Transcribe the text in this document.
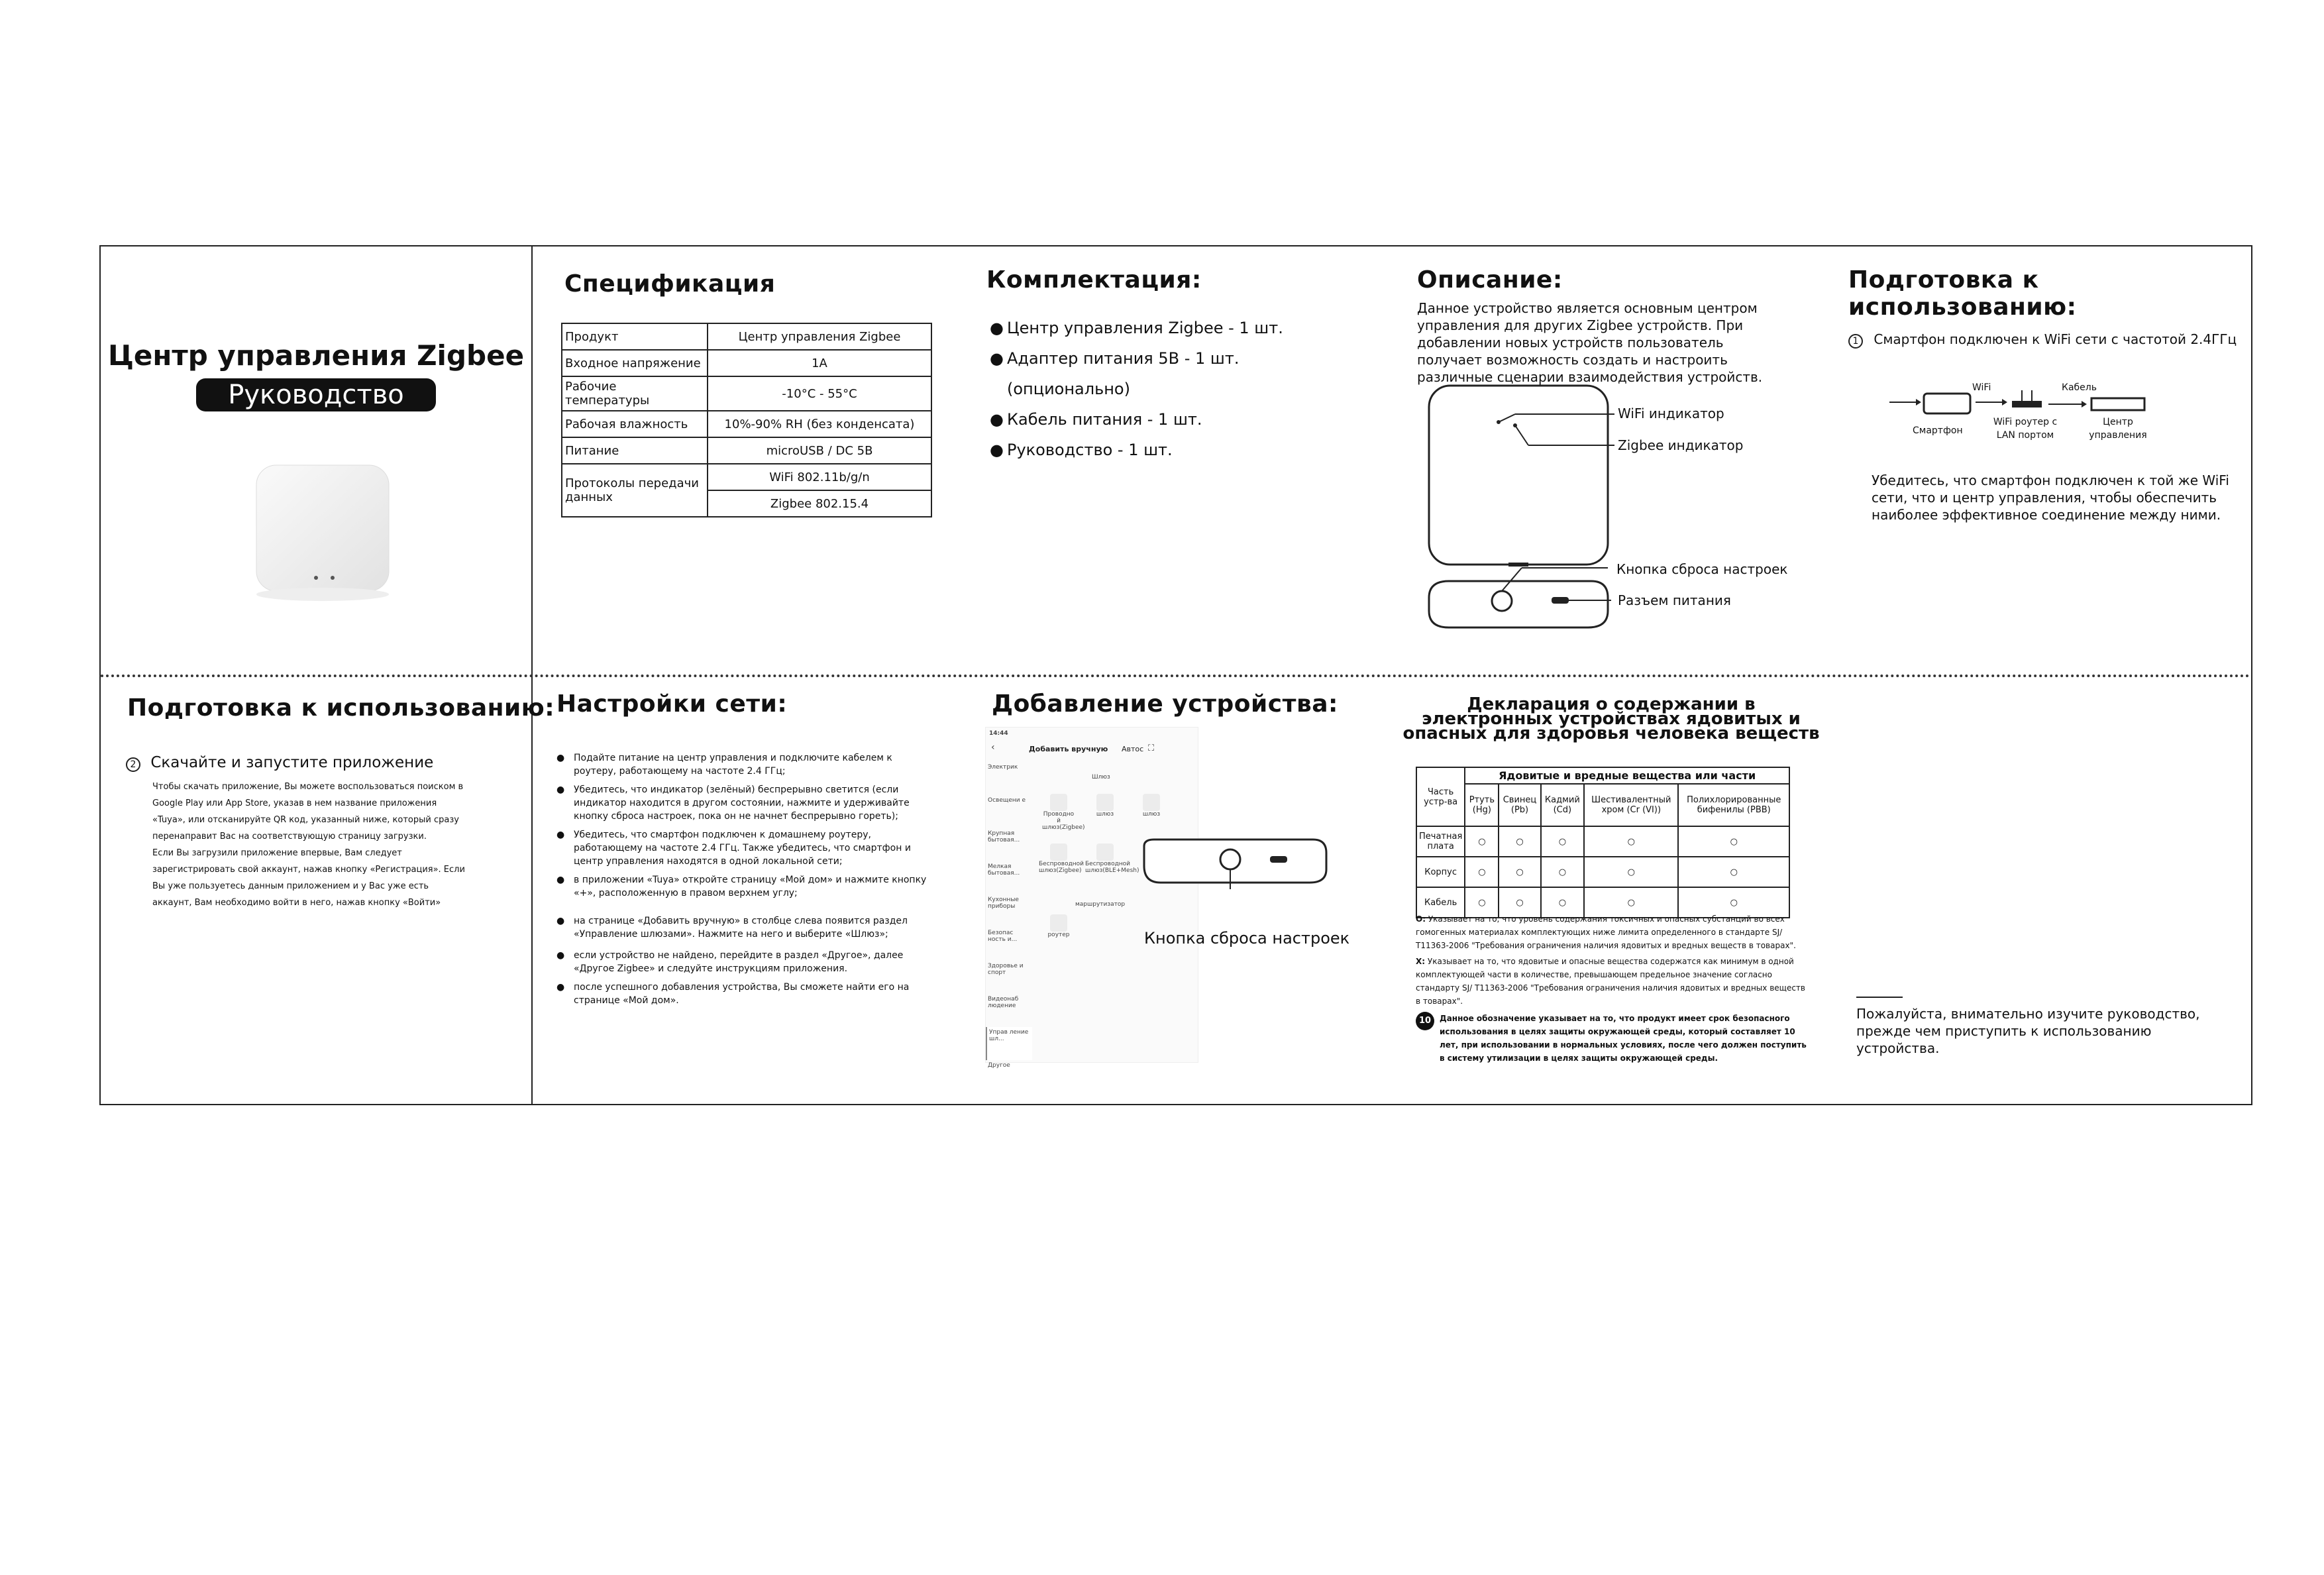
Центр управления Zigbee
Руководство
Спецификация
Продукт	Центр управления Zigbee
Входное напряжение	1A
Рабочие температуры	-10°C - 55°C
Рабочая влажность	10%-90% RH (без конденсата)
Питание	microUSB / DC 5B
Протоколы передачи данных	WiFi 802.11b/g/n
	Zigbee 802.15.4
Комплектация:
● Центр управления Zigbee - 1 шт.
● Адаптер питания 5В - 1 шт. (опционально)
● Кабель питания - 1 шт.
● Руководство - 1 шт.
Описание:
Данное устройство является основным центром управления для других Zigbee устройств. При добавлении новых устройств пользователь получает возможность создать и настроить различные сценарии взаимодействия устройств.
WiFi индикатор
Zigbee индикатор
Кнопка сброса настроек
Разъем питания
Подготовка к использованию:
1 Смартфон подключен к WiFi сети с частотой 2.4ГГц
WiFi	Кабель
Смартфон
WiFi роутер с LAN портом
Центр управления
Убедитесь, что смартфон подключен к той же WiFi сети, что и центр управления, чтобы обеспечить наиболее эффективное соединение между ними.
Подготовка к использованию:
2 Скачайте и запустите приложение
Чтобы скачать приложение, Вы можете воспользоваться поиском в Google Play или App Store, указав в нем название приложения «Tuya», или отсканируйте QR код, указанный ниже, который сразу перенаправит Вас на соответствующую страницу загрузки.
Если Вы загрузили приложение впервые, Вам следует зарегистрировать свой аккаунт, нажав кнопку «Регистрация». Если Вы уже пользуетесь данным приложением и у Вас уже есть аккаунт, Вам необходимо войти в него, нажав кнопку «Войти»
Настройки сети:
● Подайте питание на центр управления и подключите кабелем к роутеру, работающему на частоте 2.4 ГГц;
● Убедитесь, что индикатор (зелёный) беспрерывно светится (если индикатор находится в другом состоянии, нажмите и удерживайте кнопку сброса настроек, пока он не начнет беспрерывно гореть);
● Убедитесь, что смартфон подключен к домашнему роутеру, работающему на частоте 2.4 ГГц. Также убедитесь, что смартфон и центр управления находятся в одной локальной сети;
● в приложении «Tuya» откройте страницу «Мой дом» и нажмите кнопку «+», расположенную в правом верхнем углу;
● на странице «Добавить вручную» в столбце слева появится раздел «Управление шлюзами». Нажмите на него и выберите «Шлюз»;
● если устройство не найдено, перейдите в раздел «Другое», далее «Другое Zigbee» и следуйте инструкциям приложения.
● после успешного добавления устройства, Вы сможете найти его на странице «Мой дом».
Добавление устройства:
14:44
‹	Добавить вручную Автос ⛶
Электрик
Освещени е
Крупная бытовая...
Мелкая бытовая...
Кухонные приборы
Безопас ность и...
Здоровье и спорт
Видеонаб людение
Управ ление шл...
Другое
Шлюз
Проводно й шлюз(Zigbee)
шлюз	шлюз
Беспроводной шлюз(Zigbee)
Беспроводной шлюз(BLE+Mesh)
маршрутизатор
роутер	Кнопка сброса настроек
Декларация о содержании в электронных устройствах ядовитых и опасных для здоровья человека веществ
Часть устр-ва	Ядовитые и вредные вещества или части				
	Ртуть (Hg)	Свинец (Pb)	Кадмий (Cd)	Шестивалентный хром (Cr (VI))	Полихлорированные бифенилы (PBB)
Печатная плата	○	○	○	○	○
Корпус	○	○	○	○	○
Кабель	○	○	○	○	○
O: Указывает на то, что уровень содержания токсичных и опасных субстанций во всех гомогенных материалах комплектующих ниже лимита определенного в стандарте SJ/ T11363-2006 "Требования ограничения наличия ядовитых и вредных веществ в товарах".
X: Указывает на то, что ядовитые и опасные вещества содержатся как минимум в одной комплектующей части в количестве, превышающем предельное значение согласно стандарту SJ/ T11363-2006 "Требования ограничения наличия ядовитых и вредных веществ в товарах".
10	Данное обозначение указывает на то, что продукт имеет срок безопасного использования в целях защиты окружающей среды, который составляет 10 лет, при использовании в нормальных условиях, после чего должен поступить в систему утилизации в целях защиты окружающей среды.
Пожалуйста, внимательно изучите руководство, прежде чем приступить к использованию устройства.
